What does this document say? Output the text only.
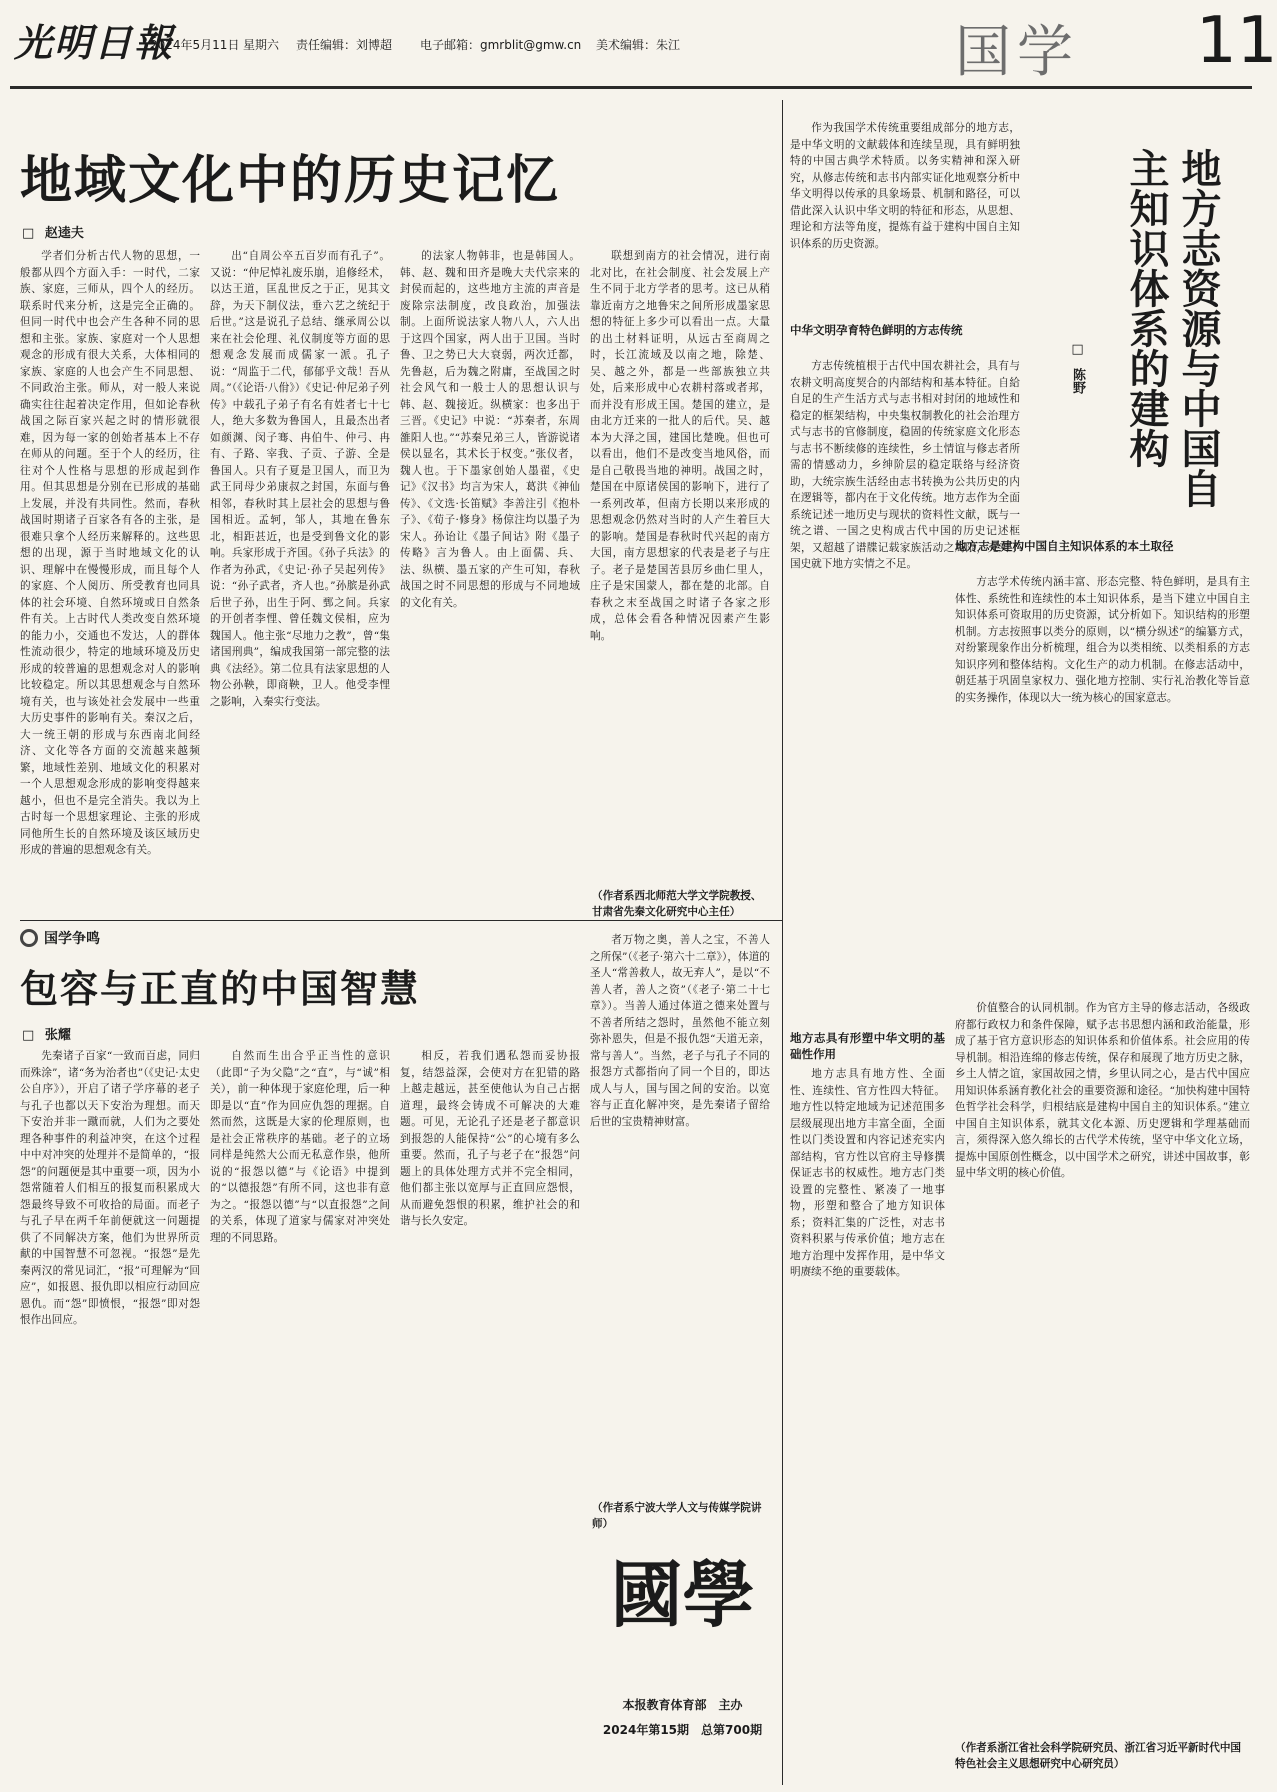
光明日報
2024年5月11日 星期六 责任编辑：刘博超 电子邮箱：gmrblit@gmw.cn 美术编辑：朱江	国学 11
地域文化中的历史记忆
□ 赵逵夫
学者们分析古代人物的思想，一般都从四个方面入手：一时代，二家族、家庭，三师从，四个人的经历。联系时代来分析，这是完全正确的。但同一时代中也会产生各种不同的思想和主张。家族、家庭对一个人思想观念的形成有很大关系，大体相同的家族、家庭的人也会产生不同思想、不同政治主张。师从，对一般人来说确实往往起着决定作用，但如论春秋战国之际百家兴起之时的情形就很难，因为每一家的创始者基本上不存在师从的问题。至于个人的经历，往往对个人性格与思想的形成起到作用。但其思想是分别在已形成的基础上发展，并没有共同性。然而，春秋战国时期诸子百家各有各的主张，是很难只拿个人经历来解释的。这些思想的出现，源于当时地域文化的认识、理解中在慢慢形成，而且每个人的家庭、个人阅历、所受教育也同具体的社会环境、自然环境或日自然条件有关。上古时代人类改变自然环境的能力小，交通也不发达，人的群体性流动很少，特定的地域环境及历史形成的较普遍的思想观念对人的影响比较稳定。所以其思想观念与自然环境有关，也与该处社会发展中一些重大历史事件的影响有关。秦汉之后，大一统王朝的形成与东西南北间经济、文化等各方面的交流越来越频繁，地域性差别、地域文化的积累对一个人思想观念形成的影响变得越来越小，但也不是完全消失。我以为上古时每一个思想家理论、主张的形成同他所生长的自然环境及该区域历史形成的普遍的思想观念有关。
出“自周公卒五百岁而有孔子”。又说：“仲尼悼礼废乐崩，追修经术，以达王道，匡乱世反之于正，见其文辞，为天下制仪法，垂六艺之统纪于后世。”这是说孔子总结、继承周公以来在社会伦理、礼仪制度等方面的思想观念发展而成儒家一派。孔子说：“周监于二代，郁郁乎文哉！吾从周。”（《论语·八佾》）《史记·仲尼弟子列传》中载孔子弟子有名有姓者七十七人，绝大多数为鲁国人，且最杰出者如颜渊、闵子骞、冉伯牛、仲弓、冉有、子路、宰我、子贡、子游、全是鲁国人。只有子夏是卫国人，而卫为武王同母少弟康叔之封国，东面与鲁相邻，春秋时其上层社会的思想与鲁国相近。孟轲，邹人，其地在鲁东北，相距甚近，也是受到鲁文化的影响。兵家形成于齐国。《孙子兵法》的作者为孙武，《史记·孙子吴起列传》说：“孙子武者，齐人也。”孙膑是孙武后世子孙，出生于阿、鄄之间。兵家的开创者李悝、曾任魏文侯相，应为魏国人。他主张“尽地力之教”，曾“集诸国刑典”，编成我国第一部完整的法典《法经》。第二位具有法家思想的人物公孙鞅，即商鞅，卫人。他受李悝之影响，入秦实行变法。
的法家人物韩非，也是韩国人。韩、赵、魏和田齐是晚大夫代宗来的封侯而起的，这些地方主流的声音是废除宗法制度，改良政治，加强法制。上面所说法家人物八人，六人出于这四个国家，两人出于卫国。当时鲁、卫之势已大大衰弱，两次迁都，先鲁赵，后为魏之附庸，至战国之时社会风气和一般士人的思想认识与韩、赵、魏接近。纵横家：也多出于三晋。《史记》中说：“苏秦者，东周雒阳人也。”“苏秦兄弟三人，皆游说诸侯以显名，其术长于权变。”张仪者，魏人也。于下墨家创始人墨翟，《史记》《汉书》均言为宋人，葛洪《神仙传》、《文选·长笛赋》李善注引《抱朴子》、《荀子·修身》杨倞注均以墨子为宋人。孙诒让《墨子间诂》附《墨子传略》言为鲁人。由上面儒、兵、法、纵横、墨五家的产生可知，春秋战国之时不同思想的形成与不同地域的文化有关。
联想到南方的社会情况，进行南北对比，在社会制度、社会发展上产生不同于北方学者的思考。这已从稍靠近南方之地鲁宋之间所形成墨家思想的特征上多少可以看出一点。大量的出土材料证明，从远古至商周之时，长江流域及以南之地，除楚、吴、越之外，都是一些部族独立共处，后来形成中心农耕村落或者邦，而并没有形成王国。楚国的建立，是由北方迁来的一批人的后代。吴、越本为大泽之国，建国比楚晚。但也可以看出，他们不是改变当地风俗，而是自己敬畏当地的神明。战国之时，楚国在中原诸侯国的影响下，进行了一系列改革，但南方长期以来形成的思想观念仍然对当时的人产生着巨大的影响。楚国是春秋时代兴起的南方大国，南方思想家的代表是老子与庄子。老子是楚国苦县厉乡曲仁里人，庄子是宋国蒙人，都在楚的北部。自春秋之末至战国之时诸子各家之形成，总体会看各种情况因素产生影响。
（作者系西北师范大学文学院教授、甘肃省先秦文化研究中心主任）
国学争鸣
包容与正直的中国智慧
□ 张耀
先秦诸子百家“一致而百虑，同归而殊涂”，诸“务为治者也”（《史记·太史公自序》），开启了诸子学序幕的老子与孔子也都以天下安治为理想。而天下安治并非一蹴而就，人们为之要处理各种事件的利益冲突，在这个过程中中对冲突的处理并不是简单的，“报怨”的问题便是其中重要一项，因为小怨常随着人们相互的报复而积累成大怨最终导致不可收拾的局面。而老子与孔子早在两千年前便就这一问题提供了不同解决方案，他们为世界所贡献的中国智慧不可忽视。“报怨”是先秦两汉的常见词汇，“报”可理解为“回应”，如报恩、报仇即以相应行动回应恩仇。而“怨”即愤恨，“报怨”即对怨恨作出回应。
自然而生出合乎正当性的意识（此即“子为父隐”之“直”，与“诚”相关），前一种体现于家庭伦理，后一种即是以“直”作为回应仇怨的理据。自然而然，这既是大家的伦理原则，也是社会正常秩序的基础。老子的立场同样是纯然大公而无私意作祟，他所说的“报怨以德”与《论语》中提到的“以德报怨”有所不同，这也非有意为之。“报怨以德”与“以直报怨”之间的关系，体现了道家与儒家对冲突处理的不同思路。
相反，若我们遇私怨而妥协报复，结怨益深，会使对方在犯错的路上越走越远，甚至使他认为自己占据道理，最终会铸成不可解决的大难题。可见，无论孔子还是老子都意识到报怨的人能保持“公”的心境有多么重要。然而，孔子与老子在“报怨”问题上的具体处理方式并不完全相同，他们都主张以宽厚与正直回应怨恨，从而避免怨恨的积累，维护社会的和谐与长久安定。
者万物之奥，善人之宝，不善人之所保”（《老子·第六十二章》），体道的圣人“常善救人，故无弃人”，是以“不善人者，善人之资”（《老子·第二十七章》）。当善人通过体道之德来处置与不善者所结之怨时，虽然他不能立刻弥补恩失，但是不报仇怨“天道无亲，常与善人”。当然，老子与孔子不同的报怨方式都指向了同一个目的，即达成人与人，国与国之间的安治。以宽容与正直化解冲突，是先秦诸子留给后世的宝贵精神财富。
（作者系宁波大学人文与传媒学院讲师）
國學
本报教育体育部　主办
2024年第15期　总第700期
作为我国学术传统重要组成部分的地方志，是中华文明的文献载体和连续呈现，具有鲜明独特的中国古典学术特质。以务实精神和深入研究，从修志传统和志书内部实证化地观察分析中华文明得以传承的具象场景、机制和路径，可以借此深入认识中华文明的特征和形态，从思想、理论和方法等角度，提炼有益于建构中国自主知识体系的历史资源。	地方志资源与中国自主知识体系的建构
□ 陈野
中华文明孕育特色鲜明的方志传统
方志传统植根于古代中国农耕社会，具有与农耕文明高度契合的内部结构和基本特征。自給自足的生产生活方式与志书相对封闭的地域性和稳定的框架结构，中央集权制教化的社会治理方式与志书的官修制度，稳固的传统家庭文化形态与志书不断续修的连续性，乡土情谊与修志者所需的情感动力，乡绅阶层的稳定联络与经济资助，大统宗族生活经由志书转换为公共历史的内在逻辑等，都内在于文化传统。地方志作为全面系统记述一地历史与现状的资料性文献，既与一统之谱、一国之史构成古代中国的历史记述框架，又超越了谱牒记载家族活动之局限，充实了国史就下地方实情之不足。
地方志是建构中国自主知识体系的本土取径
方志学术传统内涵丰富、形态完整、特色鲜明，是具有主体性、系统性和连续性的本土知识体系，是当下建立中国自主知识体系可资取用的历史资源，试分析如下。知识结构的形塑机制。方志按照事以类分的原则，以“横分纵述”的编纂方式，对纷繁现象作出分析梳理，组合为以类相统、以类相系的方志知识序列和整体结构。文化生产的动力机制。在修志活动中，朝廷基于巩固皇家权力、强化地方控制、实行礼治教化等旨意的实务操作，体现以大一统为核心的国家意志。
地方志具有形塑中华文明的基础性作用
地方志具有地方性、全面性、连续性、官方性四大特征。地方性以特定地域为记述范围多层级展现出地方丰富全面，全面性以门类设置和内容记述充实内部结构，官方性以官府主导修撰保证志书的权威性。地方志门类设置的完整性、紧凑了一地事物，形塑和整合了地方知识体系；资料汇集的广泛性，对志书资料积累与传承价值；地方志在地方治理中发挥作用，是中华文明赓续不绝的重要载体。
价值整合的认同机制。作为官方主导的修志活动，各级政府都行政权力和条件保障，赋予志书思想内涵和政治能量，形成了基于官方意识形态的知识体系和价值体系。社会应用的传导机制。相沿连绵的修志传统，保存和展现了地方历史之脉，乡土人情之谊，家国故园之情，乡里认同之心，是古代中国应用知识体系涵育教化社会的重要资源和途径。“加快构建中国特色哲学社会科学，归根结底是建构中国自主的知识体系。”建立中国自主知识体系，就其文化本源、历史逻辑和学理基础而言，须得深入悠久绵长的古代学术传统，坚守中华文化立场，提炼中国原创性概念，以中国学术之研究，讲述中国故事，彰显中华文明的核心价值。
（作者系浙江省社会科学院研究员、浙江省习近平新时代中国特色社会主义思想研究中心研究员）
